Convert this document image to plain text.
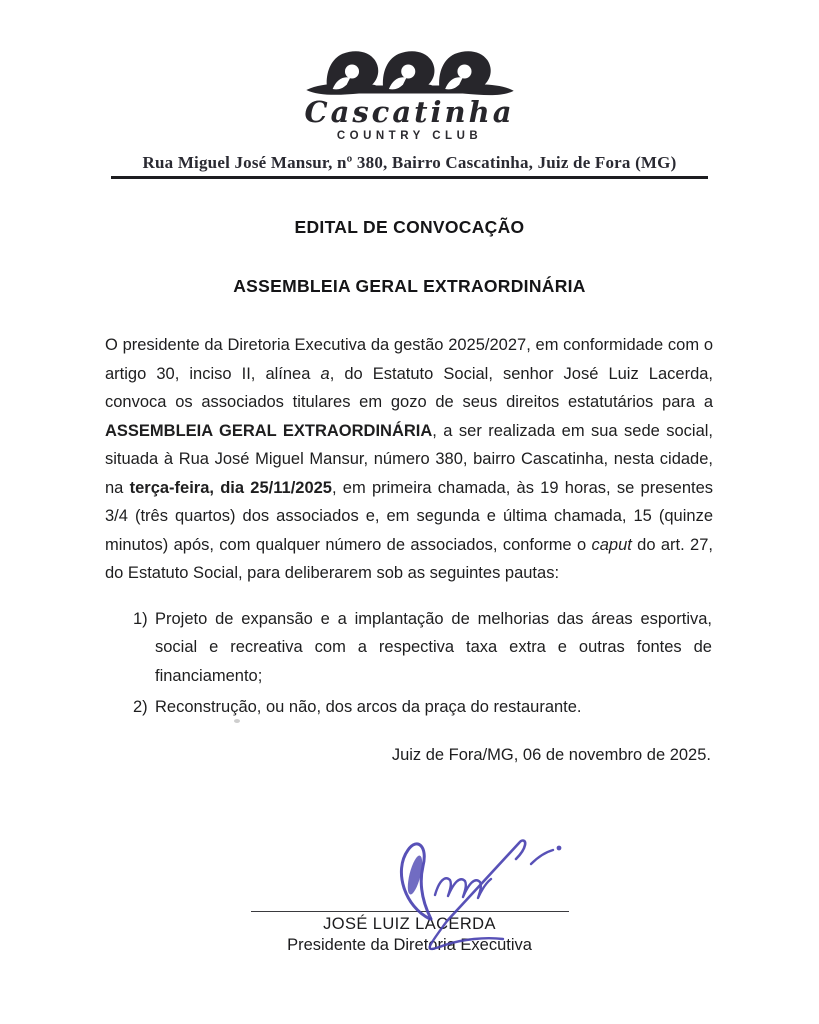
Cascatinha
COUNTRY CLUB
Rua Miguel José Mansur, nº 380, Bairro Cascatinha, Juiz de Fora (MG)
EDITAL DE CONVOCAÇÃO
ASSEMBLEIA GERAL EXTRAORDINÁRIA

O presidente da Diretoria Executiva da gestão 2025/2027, em conformidade com o artigo 30, inciso II, alínea a, do Estatuto Social, senhor José Luiz Lacerda, convoca os associados titulares em gozo de seus direitos estatutários para a ASSEMBLEIA GERAL EXTRAORDINÁRIA, a ser realizada em sua sede social, situada à Rua José Miguel Mansur, número 380, bairro Cascatinha, nesta cidade, na terça-feira, dia 25/11/2025, em primeira chamada, às 19 horas, se presentes 3/4 (três quartos) dos associados e, em segunda e última chamada, 15 (quinze minutos) após, com qualquer número de associados, conforme o caput do art. 27, do Estatuto Social, para deliberarem sob as seguintes pautas:

1) Projeto de expansão e a implantação de melhorias das áreas esportiva, social e recreativa com a respectiva taxa extra e outras fontes de financiamento;
2) Reconstrução, ou não, dos arcos da praça do restaurante.

Juiz de Fora/MG, 06 de novembro de 2025.

JOSÉ LUIZ LACERDA
Presidente da Diretoria Executiva
